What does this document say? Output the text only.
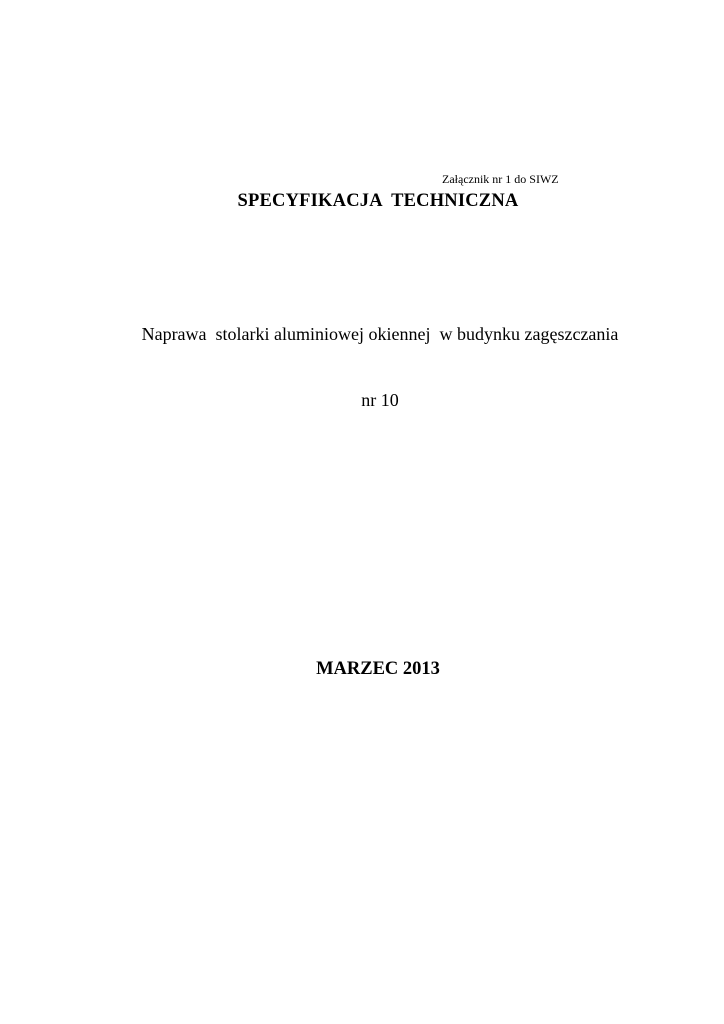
Załącznik nr 1 do SIWZ
SPECYFIKACJA  TECHNICZNA

Naprawa  stolarki aluminiowej okiennej  w budynku zagęszczania

nr 10

MARZEC 2013
